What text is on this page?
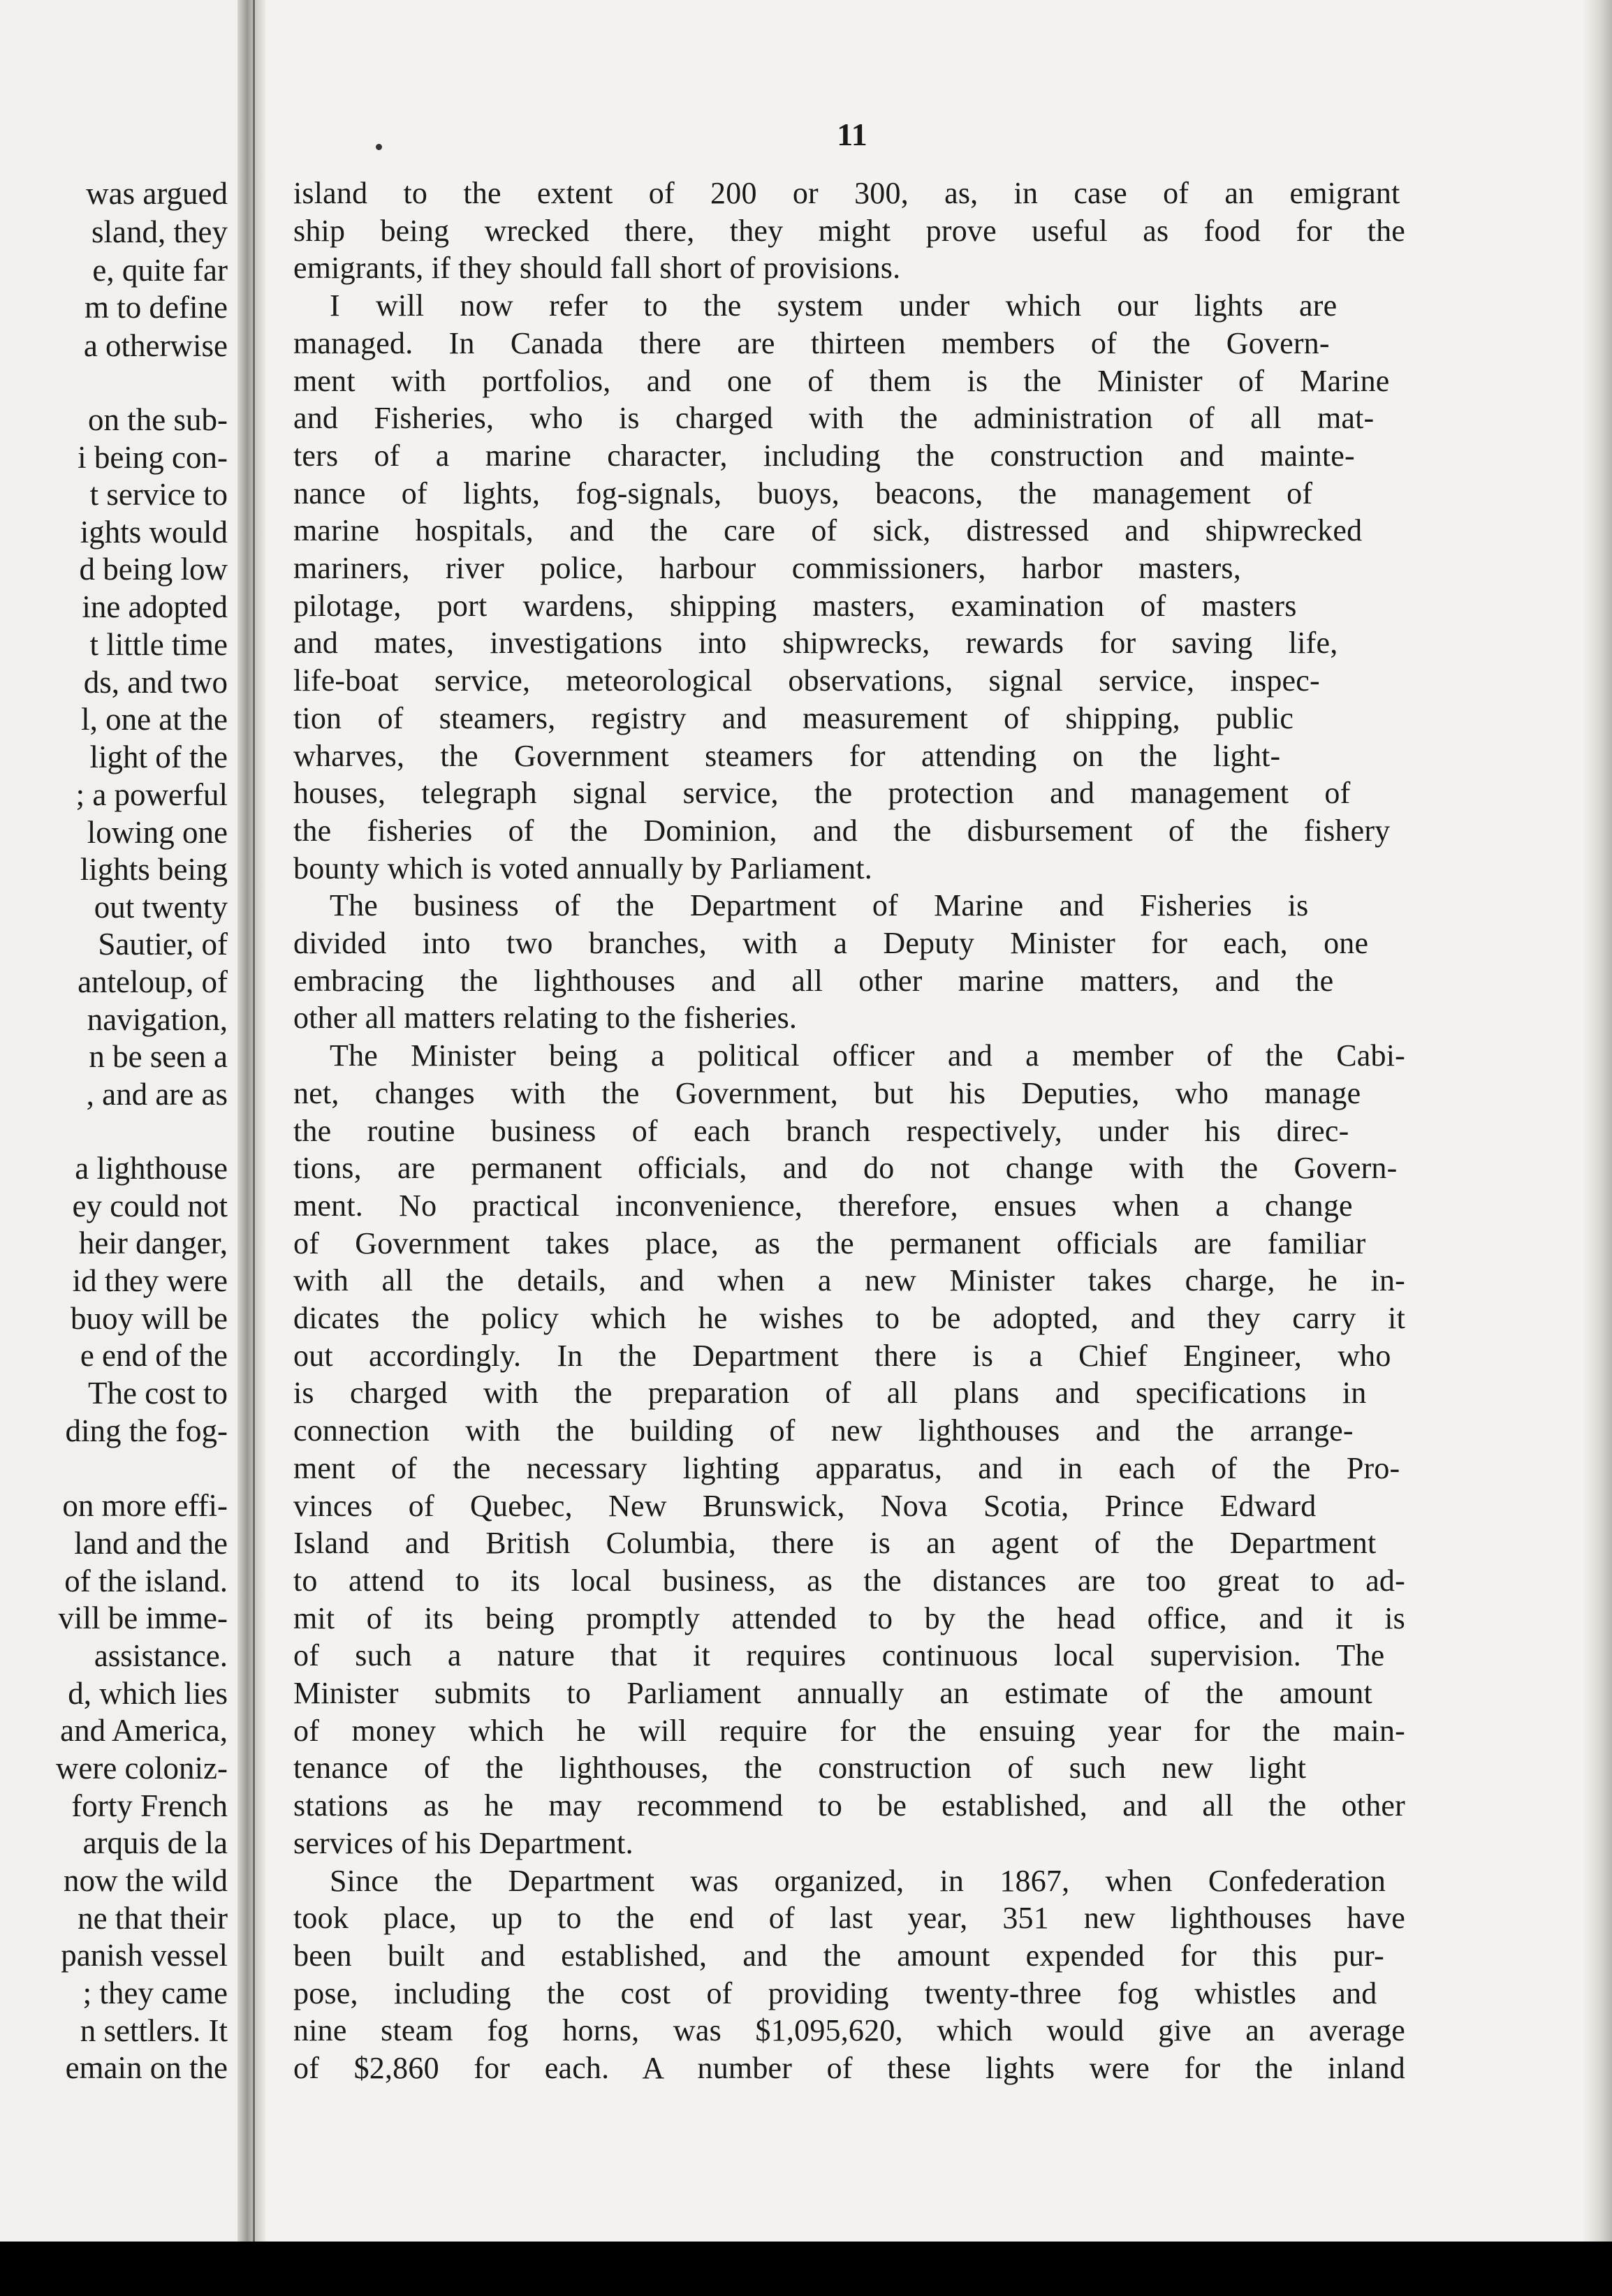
was argued
sland, they
e, quite far
m to define
a otherwise
on the sub-
i being con-
t service to
ights would
d being low
ine adopted
t little time
ds, and two
l, one at the
light of the
; a powerful
lowing one
lights being
out twenty
Sautier, of
anteloup, of
navigation,
n be seen a
, and are as
a lighthouse
ey could not
heir danger,
id they were
buoy will be
e end of the
The cost to
ding the fog-
on more effi-
land and the
of the island.
vill be imme-
assistance.
d, which lies
and America,
were coloniz-
forty French
arquis de la
now the wild
ne that their
panish vessel
; they came
n settlers. It
emain on the
11
island to the extent of 200 or 300, as, in case of an emigrant
ship being wrecked there, they might prove useful as food for the
emigrants, if they should fall short of provisions.
I will now refer to the system under which our lights are
managed. In Canada there are thirteen members of the Govern-
ment with portfolios, and one of them is the Minister of Marine
and Fisheries, who is charged with the administration of all mat-
ters of a marine character, including the construction and mainte-
nance of lights, fog-signals, buoys, beacons, the management of
marine hospitals, and the care of sick, distressed and shipwrecked
mariners, river police, harbour commissioners, harbor masters,
pilotage, port wardens, shipping masters, examination of masters
and mates, investigations into shipwrecks, rewards for saving life,
life-boat service, meteorological observations, signal service, inspec-
tion of steamers, registry and measurement of shipping, public
wharves, the Government steamers for attending on the light-
houses, telegraph signal service, the protection and management of
the fisheries of the Dominion, and the disbursement of the fishery
bounty which is voted annually by Parliament.
The business of the Department of Marine and Fisheries is
divided into two branches, with a Deputy Minister for each, one
embracing the lighthouses and all other marine matters, and the
other all matters relating to the fisheries.
The Minister being a political officer and a member of the Cabi-
net, changes with the Government, but his Deputies, who manage
the routine business of each branch respectively, under his direc-
tions, are permanent officials, and do not change with the Govern-
ment. No practical inconvenience, therefore, ensues when a change
of Government takes place, as the permanent officials are familiar
with all the details, and when a new Minister takes charge, he in-
dicates the policy which he wishes to be adopted, and they carry it
out accordingly. In the Department there is a Chief Engineer, who
is charged with the preparation of all plans and specifications in
connection with the building of new lighthouses and the arrange-
ment of the necessary lighting apparatus, and in each of the Pro-
vinces of Quebec, New Brunswick, Nova Scotia, Prince Edward
Island and British Columbia, there is an agent of the Department
to attend to its local business, as the distances are too great to ad-
mit of its being promptly attended to by the head office, and it is
of such a nature that it requires continuous local supervision. The
Minister submits to Parliament annually an estimate of the amount
of money which he will require for the ensuing year for the main-
tenance of the lighthouses, the construction of such new light
stations as he may recommend to be established, and all the other
services of his Department.
Since the Department was organized, in 1867, when Confederation
took place, up to the end of last year, 351 new lighthouses have
been built and established, and the amount expended for this pur-
pose, including the cost of providing twenty-three fog whistles and
nine steam fog horns, was $1,095,620, which would give an average
of $2,860 for each. A number of these lights were for the inland
